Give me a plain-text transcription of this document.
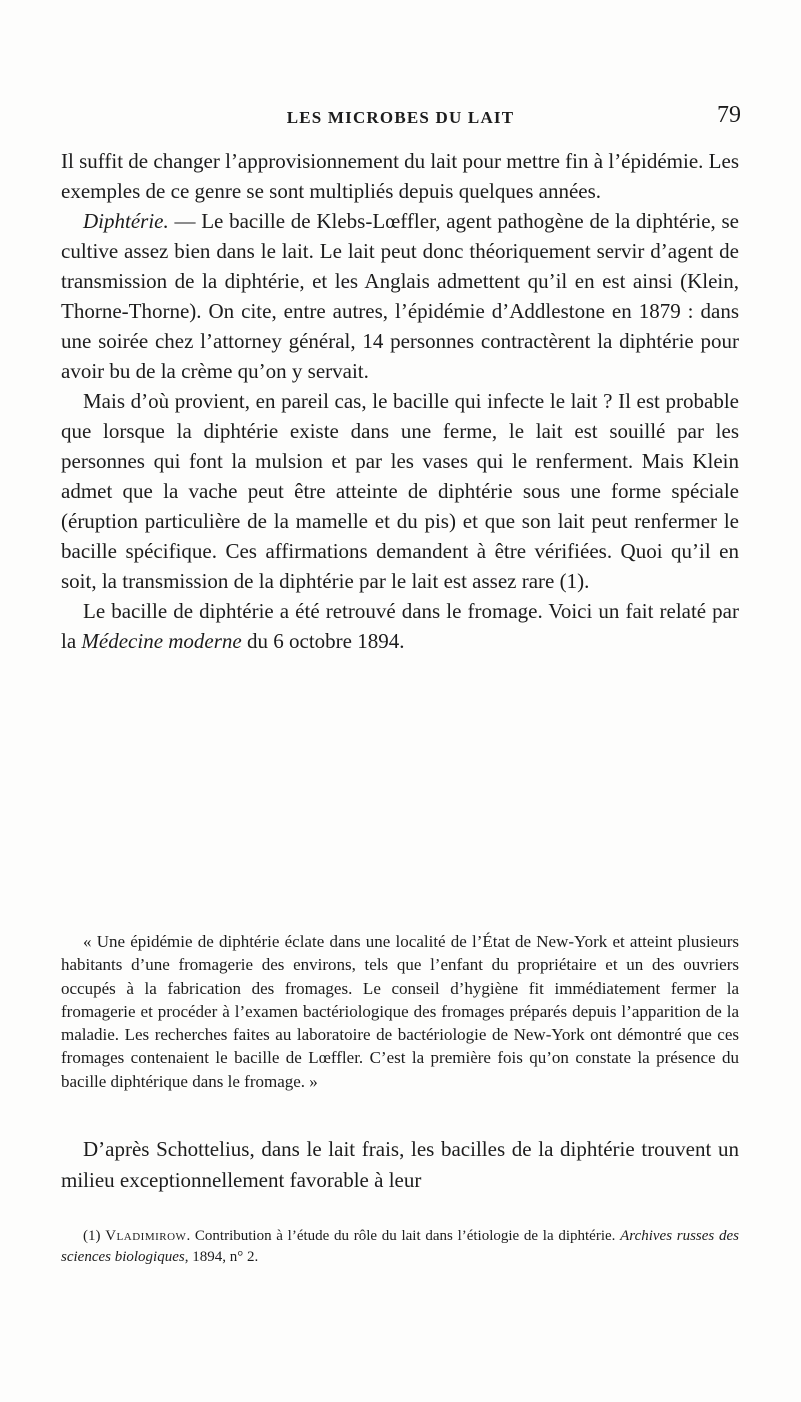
LES MICROBES DU LAIT	79

Il suffit de changer l’approvisionnement du lait pour mettre fin à l’épidémie. Les exemples de ce genre se sont multipliés depuis quelques années.

Diphtérie. — Le bacille de Klebs-Lœffler, agent pathogène de la diphtérie, se cultive assez bien dans le lait. Le lait peut donc théoriquement servir d’agent de transmission de la diphtérie, et les Anglais admettent qu’il en est ainsi (Klein, Thorne-Thorne). On cite, entre autres, l’épidémie d’Addlestone en 1879 : dans une soirée chez l’attorney général, 14 personnes contractèrent la diphtérie pour avoir bu de la crème qu’on y servait.

Mais d’où provient, en pareil cas, le bacille qui infecte le lait ? Il est probable que lorsque la diphtérie existe dans une ferme, le lait est souillé par les personnes qui font la mulsion et par les vases qui le renferment. Mais Klein admet que la vache peut être atteinte de diphtérie sous une forme spéciale (éruption particulière de la mamelle et du pis) et que son lait peut renfermer le bacille spécifique. Ces affirmations demandent à être vérifiées. Quoi qu’il en soit, la transmission de la diphtérie par le lait est assez rare (1).

Le bacille de diphtérie a été retrouvé dans le fromage. Voici un fait relaté par la Médecine moderne du 6 octobre 1894.

« Une épidémie de diphtérie éclate dans une localité de l’État de New-York et atteint plusieurs habitants d’une fromagerie des environs, tels que l’enfant du propriétaire et un des ouvriers occupés à la fabrication des fromages. Le conseil d’hygiène fit immédiatement fermer la fromagerie et procéder à l’examen bactériologique des fromages préparés depuis l’apparition de la maladie. Les recherches faites au laboratoire de bactériologie de New-York ont démontré que ces fromages contenaient le bacille de Lœffler. C’est la première fois qu’on constate la présence du bacille diphtérique dans le fromage. »
D’après Schottelius, dans le lait frais, les bacilles de la diphtérie trouvent un milieu exceptionnellement favorable à leur
(1) Vladimirow. Contribution à l’étude du rôle du lait dans l’étiologie de la diphtérie. Archives russes des sciences biologiques, 1894, n° 2.
